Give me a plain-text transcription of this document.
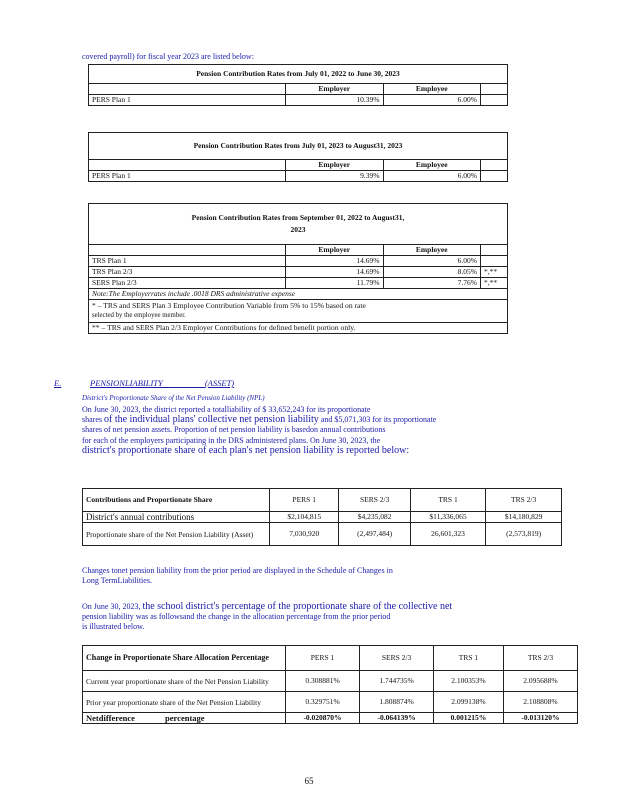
covered payroll) for fiscal year 2023 are listed below:
Pension Contribution Rates from July 01, 2022 to June 30, 2023			
	Employer	Employee	
PERS Plan 1	10.39%	6.00%	
Pension Contribution Rates from July 01, 2023 to August31, 2023			
	Employer	Employee	
PERS Plan 1	9.39%	6.00%	
Pension Contribution Rates from September 01, 2022 to August31,
2023			

	Employer	Employee	
TRS Plan 1	14.69%	6.00%	
TRS Plan 2/3	14.69%	8.05%	*,**
SERS Plan 2/3	11.79%	7.76%	*,**
Note:The Employerrates include .0018 DRS administrative expense			

* – TRS and SERS Plan 3 Employee Contribution Variable from 5% to 15% based on rate
selected by the employee member.			

** – TRS and SERS Plan 2/3 Employer Contributions for defined benefit portion only.			
E.	PENSIONLIABILITY (ASSET)
District's Proportionate Share of the Net Pension Liability (NPL)
On June 30, 2023, the district reported a totalliability of $ 33,652,243 for its proportionate
shares of the individual plans' collective net pension liability and $5,071,303 for its proportionate
shares of net pension assets. Proportion of net pension liability is basedon annual contributions
for each of the employers participating in the DRS administered plans. On June 30, 2023, the
district's proportionate share of each plan's net pension liability is reported below:
Contributions and Proportionate Share	PERS 1	SERS 2/3	TRS 1	TRS 2/3
District's annual contributions	$2,104,815	$4,235,082	$11,336,065	$14,180,829
Proportionate share of the Net Pension Liability (Asset)	7,030,920	(2,497,484)	26,601,323	(2,573,819)
Changes tonet pension liability from the prior period are displayed in the Schedule of Changes in
Long TermLiabilities.
On June 30, 2023, the school district's percentage of the proportionate share of the collective net
pension liability was as followsand the change in the allocation percentage from the prior period
is illustrated below.
Change in Proportionate Share Allocation Percentage	PERS 1	SERS 2/3	TRS 1	TRS 2/3
Current year proportionate share of the Net Pension Liability	0.308881%	1.744735%	2.100353%	2.095688%
Prior year proportionate share of the Net Pension Liability	0.329751%	1.808874%	2.099138%	2.108808%
Netdifference percentage	-0.020870%	-0.064139%	0.001215%	-0.013120%
65
